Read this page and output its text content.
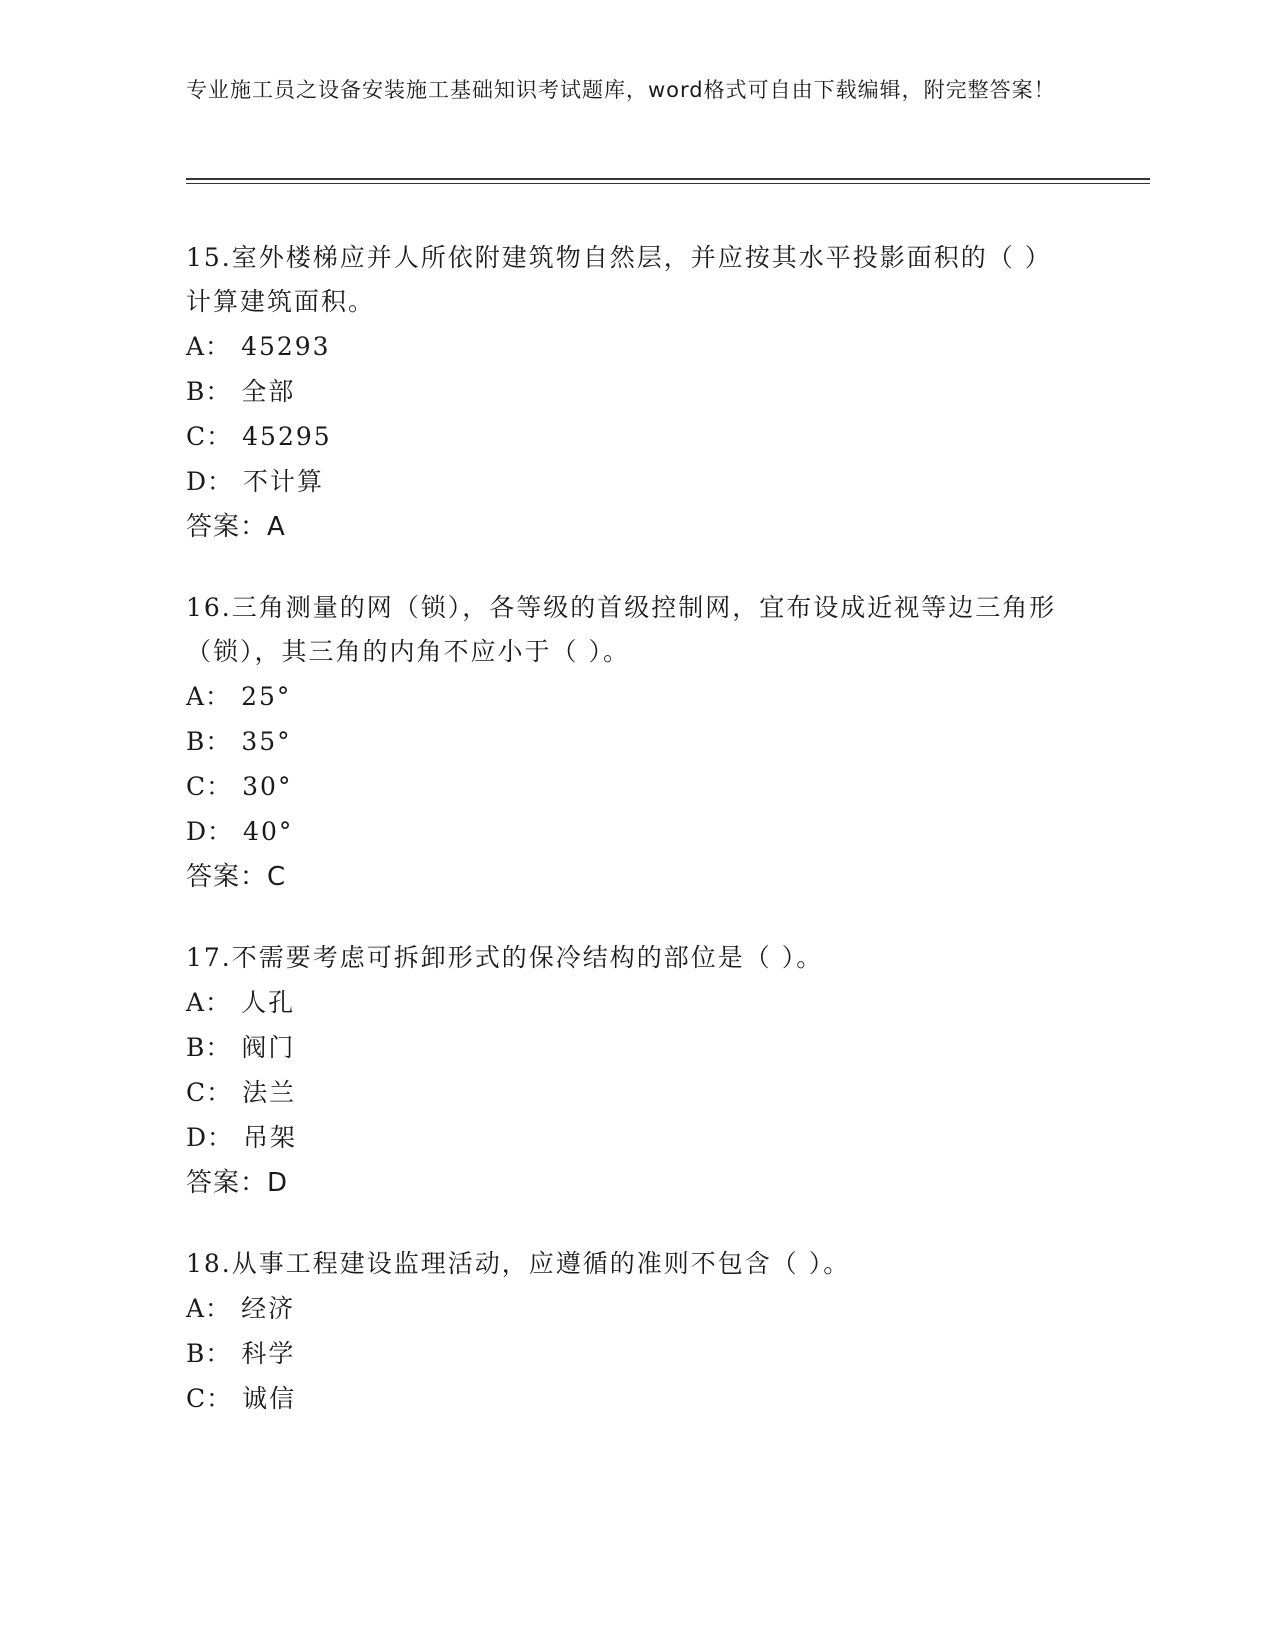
专业施工员之设备安装施工基础知识考试题库，word格式可自由下载编辑，附完整答案！

15.室外楼梯应并人所依附建筑物自然层，并应按其水平投影面积的（ ）计算建筑面积。

A： 45293
B： 全部
C： 45295
D： 不计算

答案：A

16.三角测量的网（锁），各等级的首级控制网，宜布设成近视等边三角形（锁），其三角的内角不应小于（ ）。

A： 25°
B： 35°
C： 30°
D： 40°

答案：C

17.不需要考虑可拆卸形式的保冷结构的部位是（ ）。

A： 人孔
B： 阀门
C： 法兰
D： 吊架

答案：D

18.从事工程建设监理活动，应遵循的准则不包含（ ）。

A： 经济
B： 科学
C： 诚信
